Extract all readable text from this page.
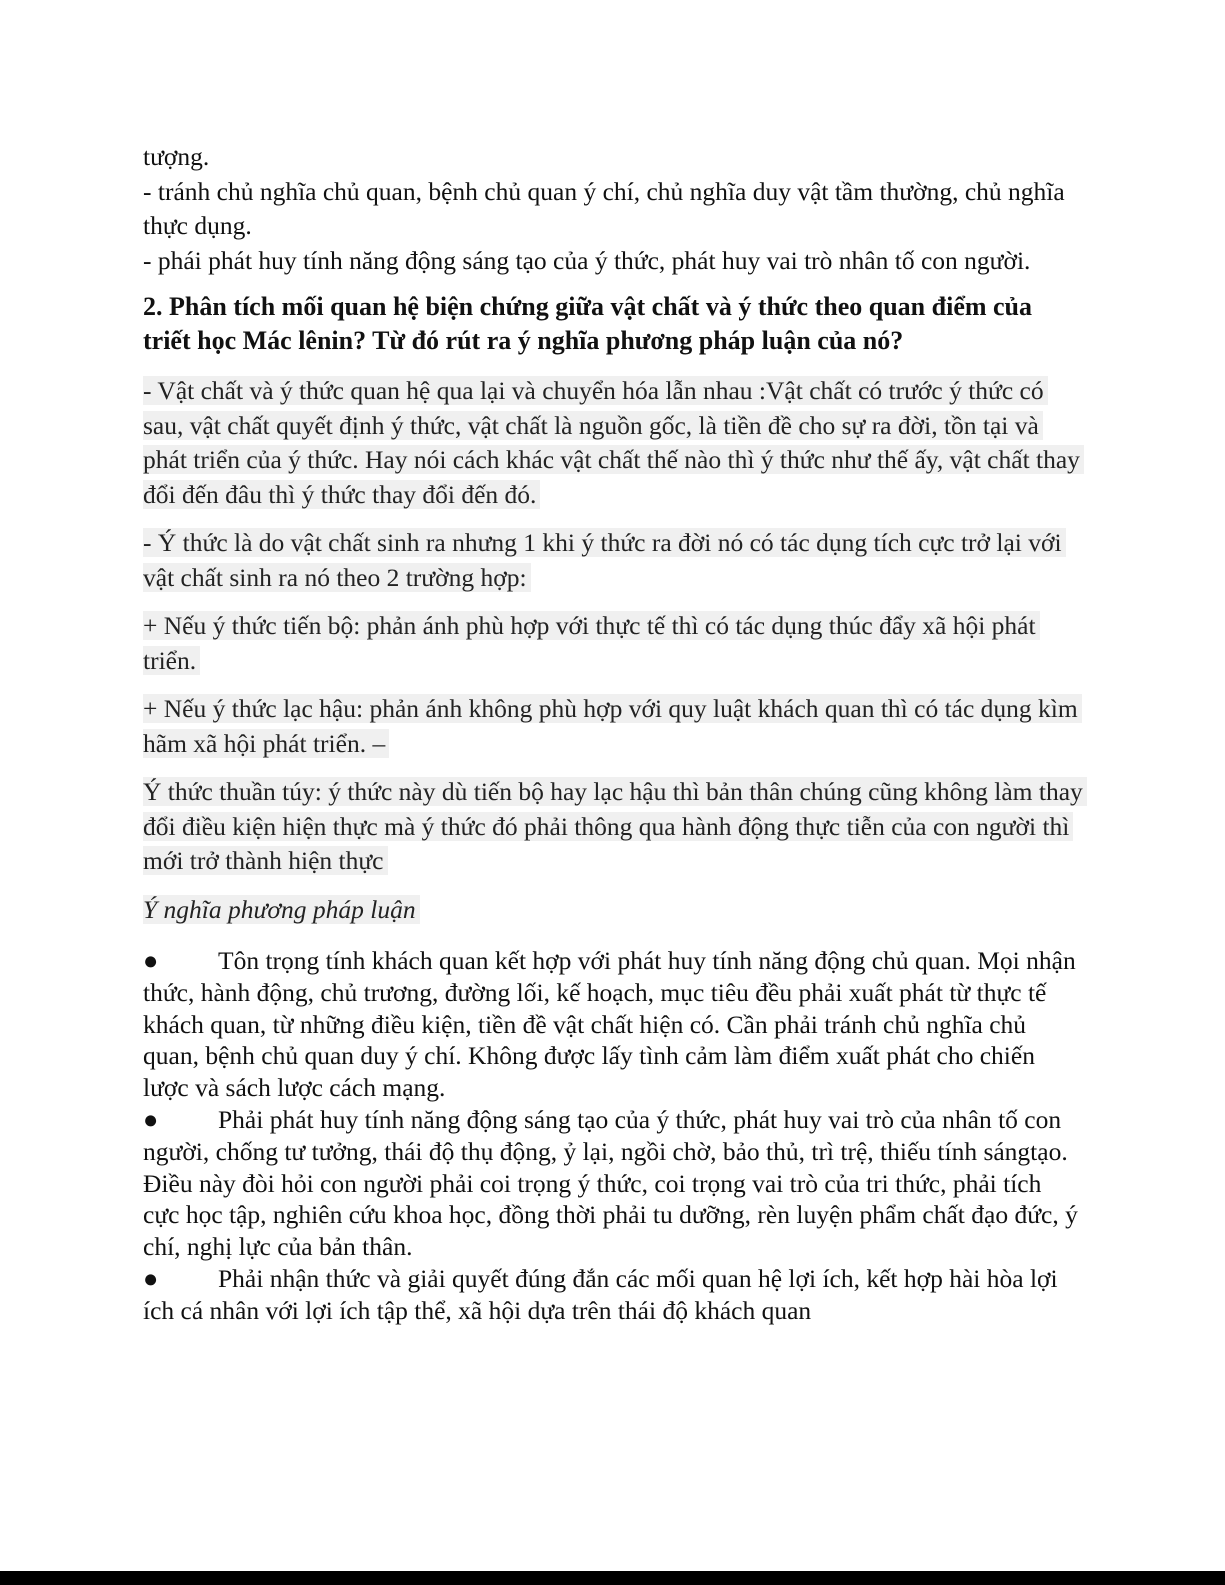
tượng.

- tránh chủ nghĩa chủ quan, bệnh chủ quan ý chí, chủ nghĩa duy vật tầm thường, chủ nghĩa thực dụng.

- phái phát huy tính năng động sáng tạo của ý thức, phát huy vai trò nhân tố con người.

2. Phân tích mối quan hệ biện chứng giữa vật chất và ý thức theo quan điểm của triết học Mác lênin? Từ đó rút ra ý nghĩa phương pháp luận của nó?

- Vật chất và ý thức quan hệ qua lại và chuyển hóa lẫn nhau :Vật chất có trước ý thức có sau, vật chất quyết định ý thức, vật chất là nguồn gốc, là tiền đề cho sự ra đời, tồn tại và phát triển của ý thức. Hay nói cách khác vật chất thế nào thì ý thức như thế ấy, vật chất thay đổi đến đâu thì ý thức thay đổi đến đó.

- Ý thức là do vật chất sinh ra nhưng 1 khi ý thức ra đời nó có tác dụng tích cực trở lại với vật chất sinh ra nó theo 2 trường hợp:

+ Nếu ý thức tiến bộ: phản ánh phù hợp với thực tế thì có tác dụng thúc đẩy xã hội phát triển.

+ Nếu ý thức lạc hậu: phản ánh không phù hợp với quy luật khách quan thì có tác dụng kìm hãm xã hội phát triển. –

Ý thức thuần túy: ý thức này dù tiến bộ hay lạc hậu thì bản thân chúng cũng không làm thay đổi điều kiện hiện thực mà ý thức đó phải thông qua hành động thực tiễn của con người thì mới trở thành hiện thực

Ý nghĩa phương pháp luận

● Tôn trọng tính khách quan kết hợp với phát huy tính năng động chủ quan. Mọi nhận thức, hành động, chủ trương, đường lối, kế hoạch, mục tiêu đều phải xuất phát từ thực tế khách quan, từ những điều kiện, tiền đề vật chất hiện có. Cần phải tránh chủ nghĩa chủ quan, bệnh chủ quan duy ý chí. Không được lấy tình cảm làm điểm xuất phát cho chiến lược và sách lược cách mạng.

● Phải phát huy tính năng động sáng tạo của ý thức, phát huy vai trò của nhân tố con người, chống tư tưởng, thái độ thụ động, ỷ lại, ngồi chờ, bảo thủ, trì trệ, thiếu tính sángtạo. Điều này đòi hỏi con người phải coi trọng ý thức, coi trọng vai trò của tri thức, phải tích cực học tập, nghiên cứu khoa học, đồng thời phải tu dưỡng, rèn luyện phẩm chất đạo đức, ý chí, nghị lực của bản thân.

● Phải nhận thức và giải quyết đúng đắn các mối quan hệ lợi ích, kết hợp hài hòa lợi ích cá nhân với lợi ích tập thể, xã hội dựa trên thái độ khách quan
